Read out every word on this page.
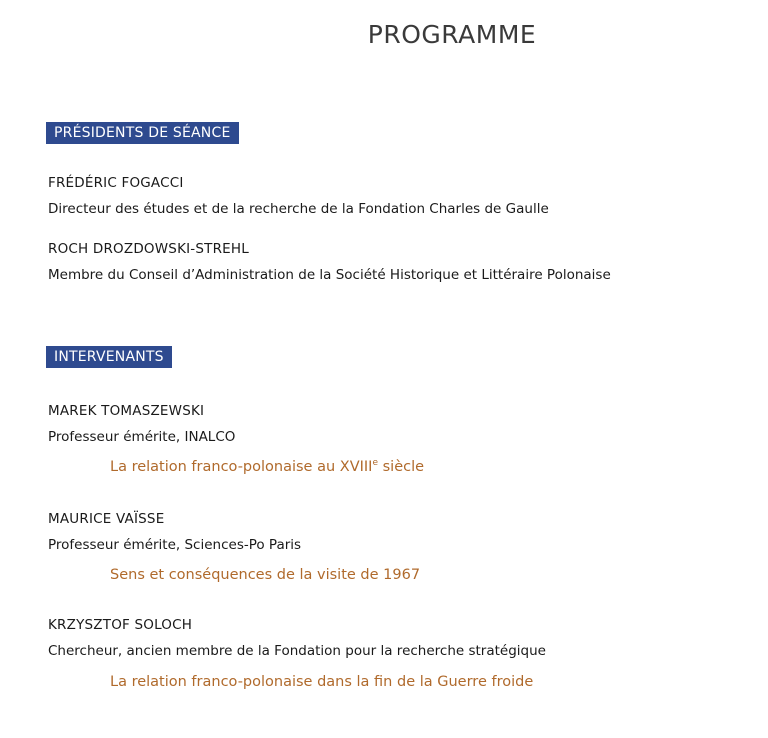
PROGRAMME
PRÉSIDENTS DE SÉANCE
FRÉDÉRIC FOGACCI
Directeur des études et de la recherche de la Fondation Charles de Gaulle
ROCH DROZDOWSKI-STREHL
Membre du Conseil d’Administration de la Société Historique et Littéraire Polonaise
INTERVENANTS
MAREK TOMASZEWSKI
Professeur émérite, INALCO
La relation franco-polonaise au XVIIIe siècle
MAURICE VAÏSSE
Professeur émérite, Sciences-Po Paris
Sens et conséquences de la visite de 1967
KRZYSZTOF SOLOCH
Chercheur, ancien membre de la Fondation pour la recherche stratégique
La relation franco-polonaise dans la fin de la Guerre froide
